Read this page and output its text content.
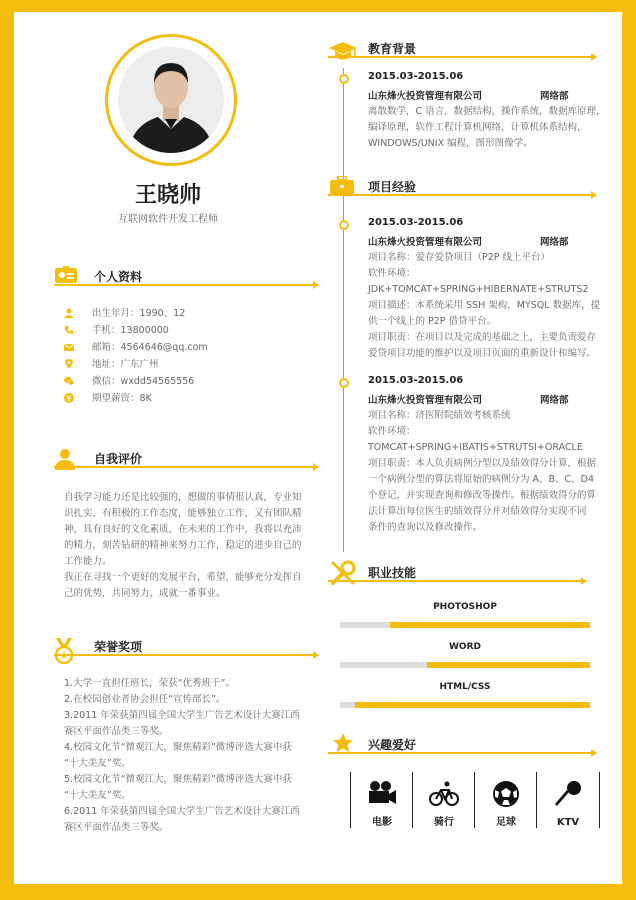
王晓帅
互联网软件开发工程师
个人资料
出生年月：1990、12
手机：13800000
邮箱：4564646@qq.com
地址：广东广州
微信：wxdd54565556
期望薪资：8K
自我评价
自我学习能力还是比较强的，想做的事情很认真，专业知
识扎实，有积极的工作态度，能够独立工作，又有团队精
神，具有良好的文化素质，在未来的工作中，我将以充沛
的精力，刻苦钻研的精神来努力工作，稳定的进步自己的
工作能力。
我正在寻找一个更好的发展平台，希望，能够充分发挥自
己的优势，共同努力，成就一番事业。
荣誉奖项
1.大学一直担任班长，荣获“优秀班干”。
2.在校园创业者协会担任“宣传部长”。
3.2011 年荣获第四届全国大学生广告艺术设计大赛江西
赛区平面作品类三等奖。
4.校园文化节“微观江大，聚焦精彩”微博评选大赛中获
“十大美友”奖。
5.校园文化节“微观江大，聚焦精彩”微博评选大赛中获
“十大美友”奖。
6.2011 年荣获第四届全国大学生广告艺术设计大赛江西
赛区平面作品类三等奖。
教育背景
2015.03-2015.06
山东烽火投资管理有限公司	网络部
离散数学，C 语言，数据结构，操作系统，数据库原理，
编译原理，软件工程计算机网络，计算机体系结构，
WINDOWS/UNIX 编程，图形图像学。
项目经验
2015.03-2015.06
山东烽火投资管理有限公司	网络部
项目名称：爱存爱贷项目（P2P 线上平台）
软件环境：
JDK+TOMCAT+SPRING+HIBERNATE+STRUTS2
项目描述：本系统采用 SSH 架构，MYSQL 数据库，提
供一个线上的 P2P 借贷平台。
项目职责：在项目以及完成的基础之上，主要负责爱存
爱贷项目功能的维护以及项目页面的重新设计和编写。
2015.03-2015.06
山东烽火投资管理有限公司	网络部
项目名称：济医附院绩效考核系统
软件环境：
TOMCAT+SPRING+IBATIS+STRUTSI+ORACLE
项目职责：本人负责病例分型以及绩效得分计算，根据
一个病例分型的算法将原始的病例分为 A、B、C、D4
个登记，并实现查询和修改等操作。根据绩效得分的算
法计算出每位医生的绩效得分并对绩效得分实现不同
条件的查询以及修改操作。
职业技能
PHOTOSHOP
WORD
HTML/CSS
兴趣爱好
电影	骑行	足球	KTV
